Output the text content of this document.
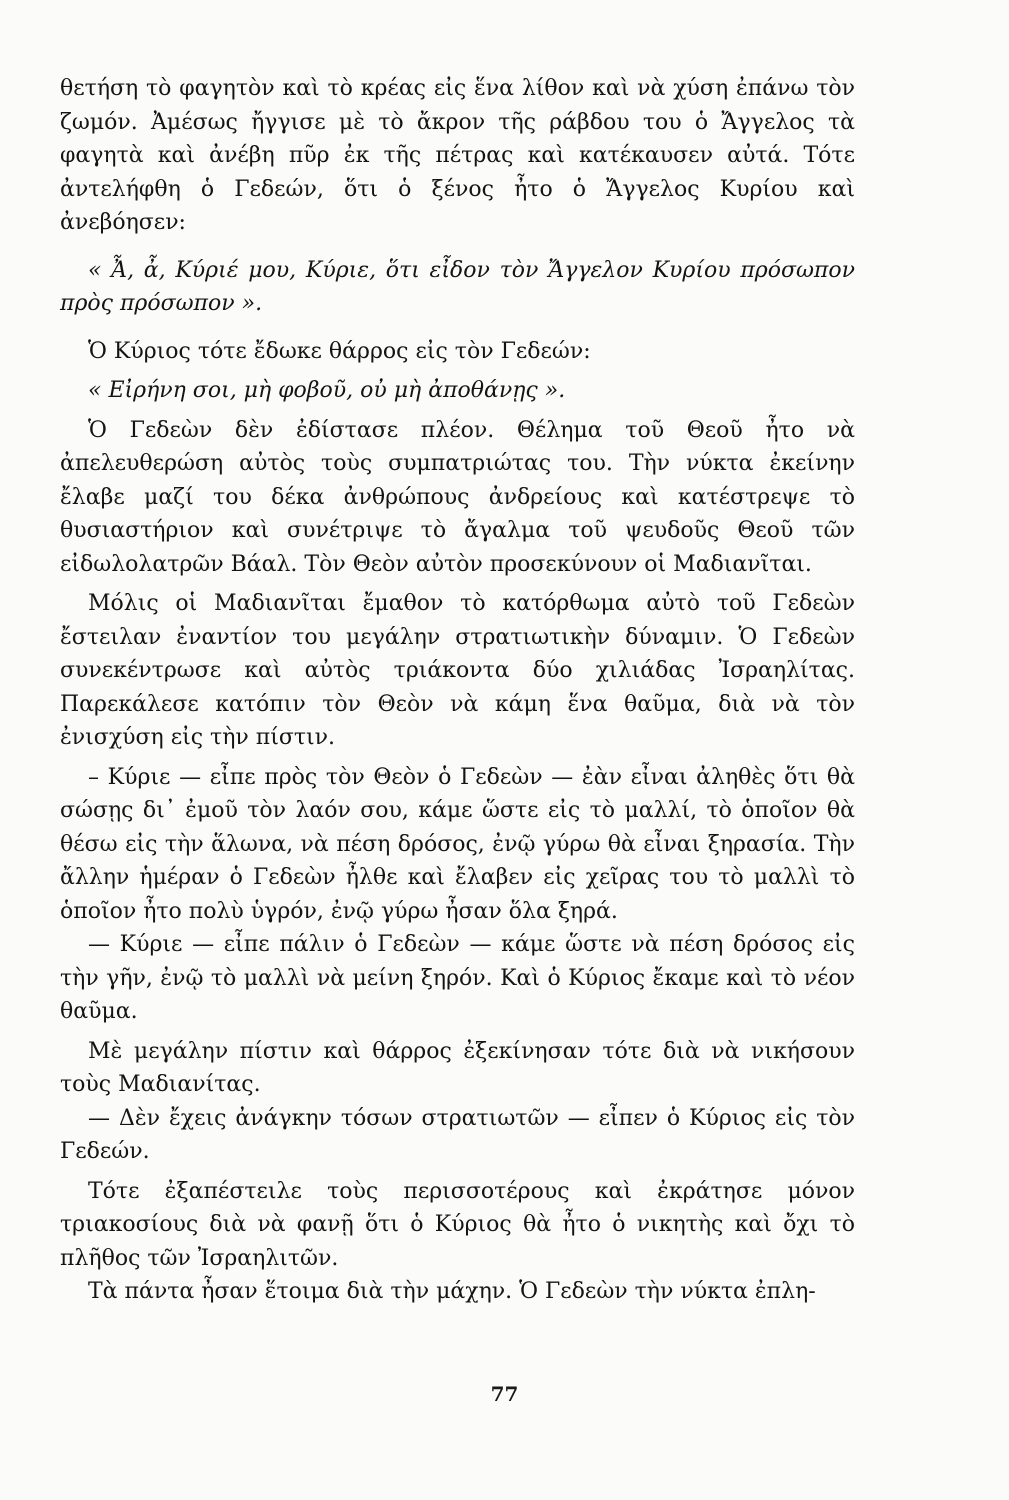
θετήση τὸ φαγητὸν καὶ τὸ κρέας εἰς ἕνα λίθον καὶ νὰ χύση ἐπάνω τὸν ζωμόν. Ἀμέσως ἤγγισε μὲ τὸ ἄκρον τῆς ράβδου του ὁ Ἄγγελος τὰ φαγητὰ καὶ ἀνέβη πῦρ ἐκ τῆς πέτρας καὶ κατέκαυσεν αὐτά. Τότε ἀντελήφθη ὁ Γεδεών, ὅτι ὁ ξένος ἦτο ὁ Ἄγγελος Κυρίου καὶ ἀνεβόησεν:

« Ἆ, ἆ, Κύριέ μου, Κύριε, ὅτι εἶδον τὸν Ἄγγελον Κυρίου πρόσωπον πρὸς πρόσωπον ».

Ὁ Κύριος τότε ἔδωκε θάρρος εἰς τὸν Γεδεών:

« Εἰρήνη σοι, μὴ φοβοῦ, οὐ μὴ ἀποθάνῃς ».

Ὁ Γεδεὼν δὲν ἐδίστασε πλέον. Θέλημα τοῦ Θεοῦ ἦτο νὰ ἀπελευθερώση αὐτὸς τοὺς συμπατριώτας του. Τὴν νύκτα ἐκείνην ἔλαβε μαζί του δέκα ἀνθρώπους ἀνδρείους καὶ κατέστρεψε τὸ θυσιαστήριον καὶ συνέτριψε τὸ ἄγαλμα τοῦ ψευδοῦς Θεοῦ τῶν εἰδωλολατρῶν Βάαλ. Τὸν Θεὸν αὐτὸν προσεκύνουν οἱ Μαδιανῖται.

Μόλις οἱ Μαδιανῖται ἔμαθον τὸ κατόρθωμα αὐτὸ τοῦ Γεδεὼν ἔστειλαν ἐναντίον του μεγάλην στρατιωτικὴν δύναμιν. Ὁ Γεδεὼν συνεκέντρωσε καὶ αὐτὸς τριάκοντα δύο χιλιάδας Ἰσραηλίτας. Παρεκάλεσε κατόπιν τὸν Θεὸν νὰ κάμη ἕνα θαῦμα, διὰ νὰ τὸν ἐνισχύση εἰς τὴν πίστιν.

– Κύριε — εἶπε πρὸς τὸν Θεὸν ὁ Γεδεὼν — ἐὰν εἶναι ἀληθὲς ὅτι θὰ σώσῃς δι᾽ ἐμοῦ τὸν λαόν σου, κάμε ὥστε εἰς τὸ μαλλί, τὸ ὁποῖον θὰ θέσω εἰς τὴν ἅλωνα, νὰ πέση δρόσος, ἐνῷ γύρω θὰ εἶναι ξηρασία. Τὴν ἄλλην ἡμέραν ὁ Γεδεὼν ἦλθε καὶ ἔλαβεν εἰς χεῖρας του τὸ μαλλὶ τὸ ὁποῖον ἦτο πολὺ ὑγρόν, ἐνῷ γύρω ἦσαν ὅλα ξηρά.

— Κύριε — εἶπε πάλιν ὁ Γεδεὼν — κάμε ὥστε νὰ πέση δρόσος εἰς τὴν γῆν, ἐνῷ τὸ μαλλὶ νὰ μείνη ξηρόν. Καὶ ὁ Κύριος ἔκαμε καὶ τὸ νέον θαῦμα.

Μὲ μεγάλην πίστιν καὶ θάρρος ἐξεκίνησαν τότε διὰ νὰ νικήσουν τοὺς Μαδιανίτας.

— Δὲν ἔχεις ἀνάγκην τόσων στρατιωτῶν — εἶπεν ὁ Κύριος εἰς τὸν Γεδεών.

Τότε ἐξαπέστειλε τοὺς περισσοτέρους καὶ ἐκράτησε μόνον τριακοσίους διὰ νὰ φανῇ ὅτι ὁ Κύριος θὰ ἦτο ὁ νικητὴς καὶ ὄχι τὸ πλῆθος τῶν Ἰσραηλιτῶν.

Τὰ πάντα ἦσαν ἕτοιμα διὰ τὴν μάχην. Ὁ Γεδεὼν τὴν νύκτα ἐπλη-

77
